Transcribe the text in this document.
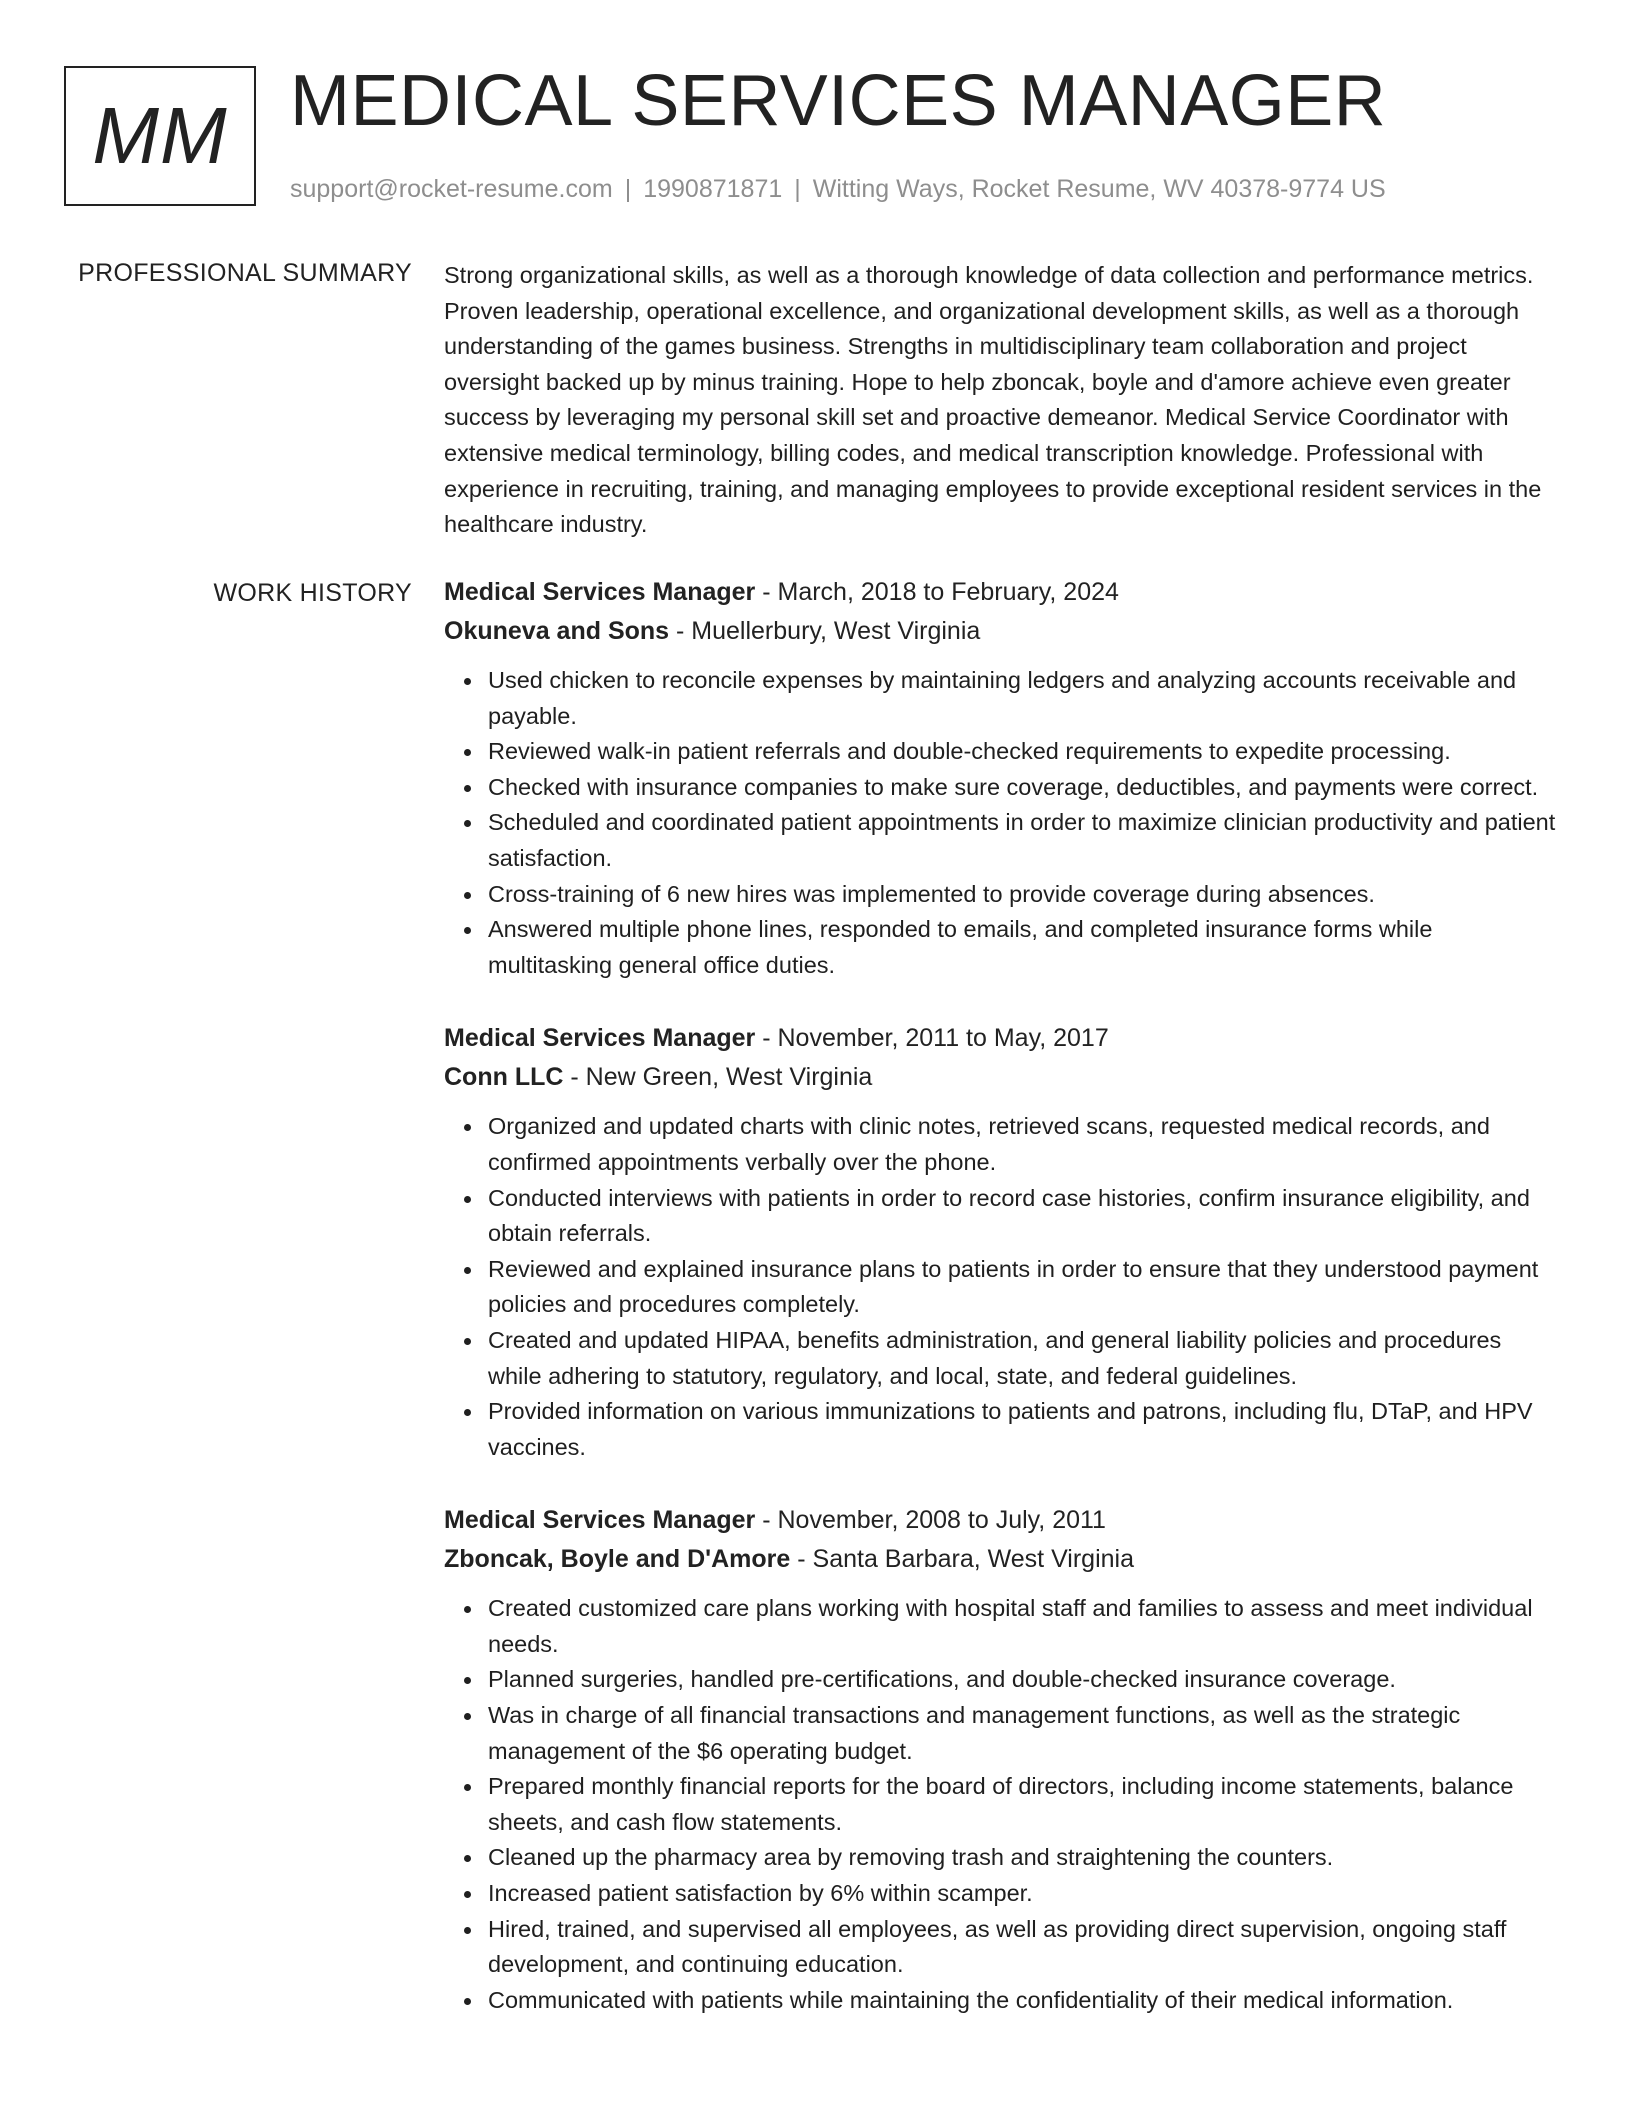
MM MEDICAL SERVICES MANAGER
support@rocket-resume.com | 1990871871 | Witting Ways, Rocket Resume, WV 40378-9774 US
PROFESSIONAL SUMMARY Strong organizational skills, as well as a thorough knowledge of data collection and performance metrics. Proven leadership, operational excellence, and organizational development skills, as well as a thorough understanding of the games business. Strengths in multidisciplinary team collaboration and project oversight backed up by minus training. Hope to help zboncak, boyle and d'amore achieve even greater success by leveraging my personal skill set and proactive demeanor. Medical Service Coordinator with extensive medical terminology, billing codes, and medical transcription knowledge. Professional with experience in recruiting, training, and managing employees to provide exceptional resident services in the healthcare industry.

WORK HISTORY Medical Services Manager - March, 2018 to February, 2024
Okuneva and Sons - Muellerbury, West Virginia
Used chicken to reconcile expenses by maintaining ledgers and analyzing accounts receivable and payable.
Reviewed walk-in patient referrals and double-checked requirements to expedite processing.
Checked with insurance companies to make sure coverage, deductibles, and payments were correct.
Scheduled and coordinated patient appointments in order to maximize clinician productivity and patient satisfaction.
Cross-training of 6 new hires was implemented to provide coverage during absences.
Answered multiple phone lines, responded to emails, and completed insurance forms while multitasking general office duties.
Medical Services Manager - November, 2011 to May, 2017
Conn LLC - New Green, West Virginia
Organized and updated charts with clinic notes, retrieved scans, requested medical records, and confirmed appointments verbally over the phone.
Conducted interviews with patients in order to record case histories, confirm insurance eligibility, and obtain referrals.
Reviewed and explained insurance plans to patients in order to ensure that they understood payment policies and procedures completely.
Created and updated HIPAA, benefits administration, and general liability policies and procedures while adhering to statutory, regulatory, and local, state, and federal guidelines.
Provided information on various immunizations to patients and patrons, including flu, DTaP, and HPV vaccines.
Medical Services Manager - November, 2008 to July, 2011
Zboncak, Boyle and D'Amore - Santa Barbara, West Virginia
Created customized care plans working with hospital staff and families to assess and meet individual needs.
Planned surgeries, handled pre-certifications, and double-checked insurance coverage.
Was in charge of all financial transactions and management functions, as well as the strategic management of the $6 operating budget.
Prepared monthly financial reports for the board of directors, including income statements, balance sheets, and cash flow statements.
Cleaned up the pharmacy area by removing trash and straightening the counters.
Increased patient satisfaction by 6% within scamper.
Hired, trained, and supervised all employees, as well as providing direct supervision, ongoing staff development, and continuing education.
Communicated with patients while maintaining the confidentiality of their medical information.
